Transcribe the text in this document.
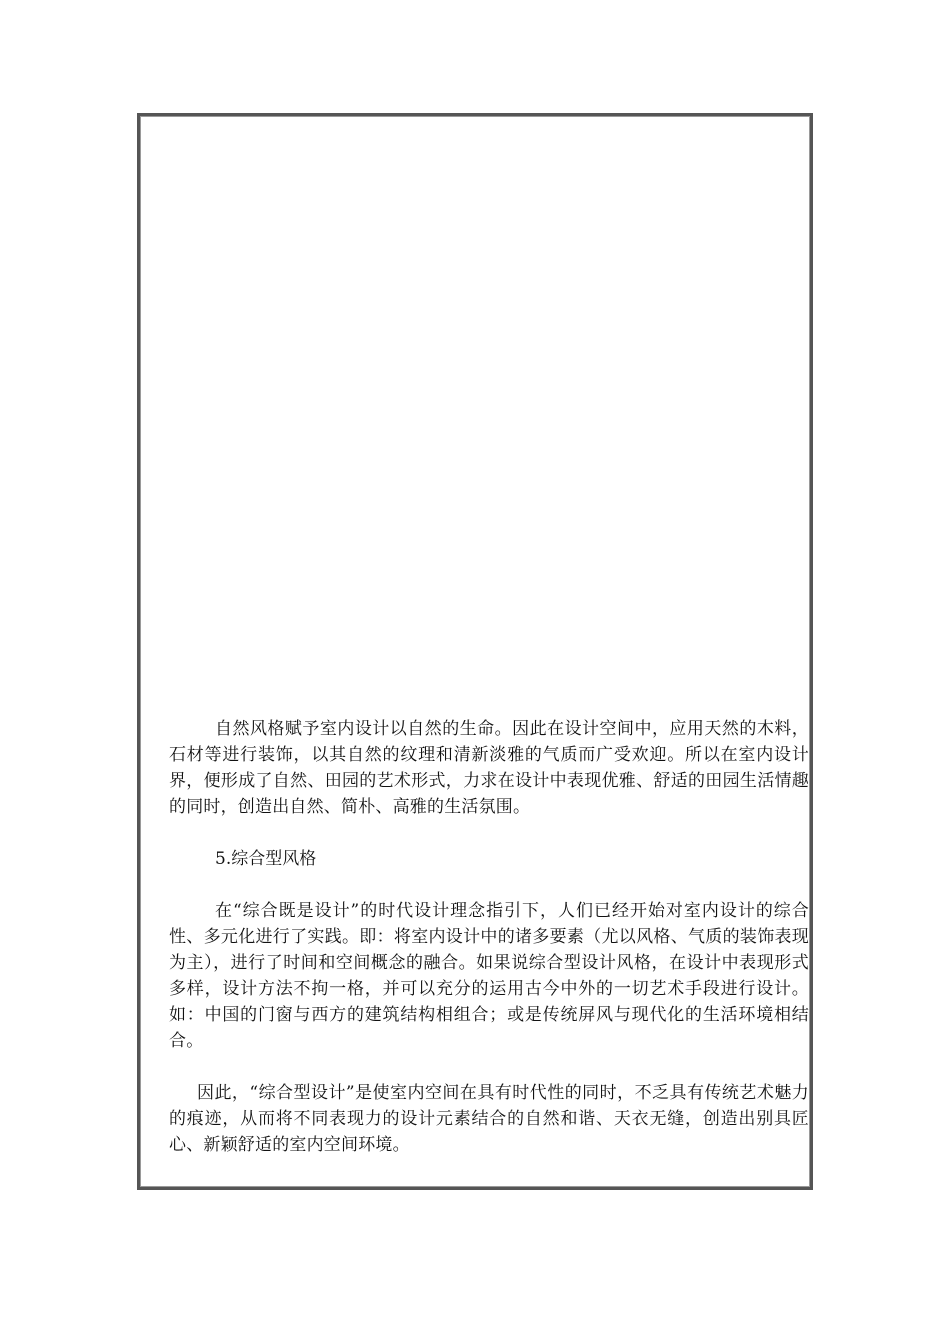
自然风格赋予室内设计以自然的生命。因此在设计空间中，应用天然的木料，石材等进行装饰，以其自然的纹理和清新淡雅的气质而广受欢迎。所以在室内设计界，便形成了自然、田园的艺术形式，力求在设计中表现优雅、舒适的田园生活情趣的同时，创造出自然、简朴、高雅的生活氛围。

5.综合型风格

在“综合既是设计”的时代设计理念指引下，人们已经开始对室内设计的综合性、多元化进行了实践。即：将室内设计中的诸多要素（尤以风格、气质的装饰表现为主），进行了时间和空间概念的融合。如果说综合型设计风格，在设计中表现形式多样，设计方法不拘一格，并可以充分的运用古今中外的一切艺术手段进行设计。如：中国的门窗与西方的建筑结构相组合；或是传统屏风与现代化的生活环境相结合。

因此，“综合型设计”是使室内空间在具有时代性的同时，不乏具有传统艺术魅力的痕迹，从而将不同表现力的设计元素结合的自然和谐、天衣无缝，创造出别具匠心、新颖舒适的室内空间环境。
